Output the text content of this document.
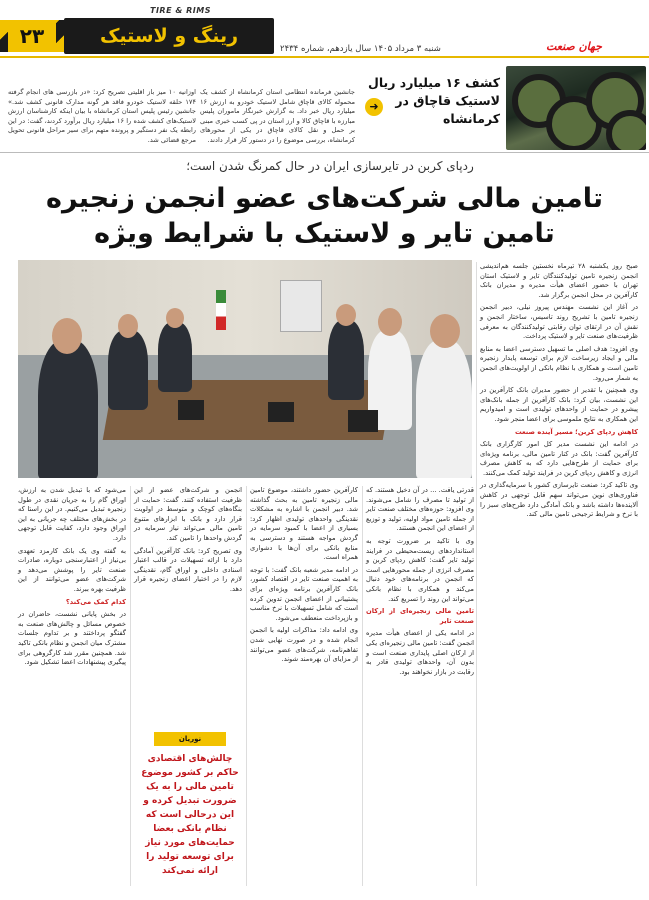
۲۳	رینگ و لاستیک
TIRE & RIMS
شنبه ۳ مرداد ۱۴۰۵ سال یازدهم، شماره ۲۴۳۴	جهان صنعت
کشف ۱۶ میلیارد ریال لاستیک قاچاق در کرمانشاه
➜
جانشین فرمانده انتظامی استان کرمانشاه از کشف یک محموله کالای قاچاق شامل لاستیک خودرو به ارزش ۱۶ میلیارد ریال خبر داد. به گزارش خبرنگار ماموران پلیس مبارزه با قاچاق کالا و ارز استان در پی کسب خبری مبنی بر حمل و نقل کالای قاچاق در یکی از محورهای کرمانشاه، بررسی موضوع را در دستور کار قرار دادند.
اوزانیه ۱۰ میز باز اقلیتی تصریح کرد: «در بازرسی های انجام گرفته ۱۷۴ حلقه لاستیک خودرو فاقد هر گونه مدارک قانونی کشف شد.» جانشین رئیس پلیس استان کرمانشاه با بیان اینکه کارشناسان ارزش لاستیک‌های کشف شده را ۱۶ میلیارد ریال برآورد کردند، گفت: در این رابطه یک نفر دستگیر و پرونده متهم برای سیر مراحل قانونی تحویل مرجع قضائی شد.
ردپای کربن در تایرسازی ایران در حال کمرنگ شدن است؛
تامین مالی شرکت‌های عضو انجمن زنجیره تامین تایر و لاستیک با شرایط ویژه

صبح روز یکشنبه ۲۸ تیرماه نخستین جلسه هم‌اندیشی انجمن زنجیره تامین تولیدکنندگان تایر و لاستیک استان تهران با حضور اعضای هیأت مدیره و مدیران بانک کارآفرین در محل انجمن برگزار شد.

در آغاز این نشست مهندس پیروز نیلی، دبیر انجمن زنجیره تامین با تشریح روند تاسیس، ساختار انجمن و نقش آن در ارتقای توان رقابتی تولیدکنندگان به معرفی ظرفیت‌های صنعت تایر و لاستیک پرداخت.

وی افزود: هدف اصلی ما تسهیل دسترسی اعضا به منابع مالی و ایجاد زیرساخت لازم برای توسعه پایدار زنجیره تامین است و همکاری با نظام بانکی از اولویت‌های انجمن به شمار می‌رود.

وی همچنین با تقدیر از حضور مدیران بانک کارآفرین در این نشست، بیان کرد: بانک کارآفرین از جمله بانک‌های پیشرو در حمایت از واحدهای تولیدی است و امیدواریم این همکاری به نتایج ملموسی برای اعضا منجر شود.

کاهش ردپای کربن؛ مسیر آینده صنعت

در ادامه این نشست مدیر کل امور کارگزاری بانک کارآفرین گفت: بانک در کنار تامین مالی، برنامه ویژه‌ای برای حمایت از طرح‌هایی دارد که به کاهش مصرف انرژی و کاهش ردپای کربن در فرایند تولید کمک می‌کنند.

وی تاکید کرد: صنعت تایرسازی کشور با سرمایه‌گذاری در فناوری‌های نوین می‌تواند سهم قابل توجهی در کاهش آلاینده‌ها داشته باشد و بانک آمادگی دارد طرح‌های سبز را با نرخ و شرایط ترجیحی تامین مالی کند.

قدرتی یافت. ... در آن دخیل هستند. که از تولید تا مصرف را شامل می‌شوند. وی افزود: حوزه‌های مختلف صنعت تایر از جمله تامین مواد اولیه، تولید و توزیع از اعضای این انجمن هستند.

وی با تاکید بر ضرورت توجه به استانداردهای زیست‌محیطی در فرایند تولید تایر گفت: کاهش ردپای کربن و مصرف انرژی از جمله محورهایی است که انجمن در برنامه‌های خود دنبال می‌کند و همکاری با نظام بانکی می‌تواند این روند را تسریع کند.

تامین مالی زنجیره‌ای از ارکان صنعت تایر

در ادامه یکی از اعضای هیأت مدیره انجمن گفت: تامین مالی زنجیره‌ای یکی از ارکان اصلی پایداری صنعت است و بدون آن، واحدهای تولیدی قادر به رقابت در بازار نخواهند بود.

کارآفرین حضور داشتند، موضوع تامین مالی زنجیره تامین به بحث گذاشته شد. دبیر انجمن با اشاره به مشکلات نقدینگی واحدهای تولیدی اظهار کرد: بسیاری از اعضا با کمبود سرمایه در گردش مواجه هستند و دسترسی به منابع بانکی برای آن‌ها با دشواری همراه است.

در ادامه مدیر شعبه بانک گفت: با توجه به اهمیت صنعت تایر در اقتصاد کشور، بانک کارآفرین برنامه ویژه‌ای برای پشتیبانی از اعضای انجمن تدوین کرده است که شامل تسهیلات با نرخ مناسب و بازپرداخت منعطف می‌شود.

وی ادامه داد: مذاکرات اولیه با انجمن انجام شده و در صورت نهایی شدن تفاهم‌نامه، شرکت‌های عضو می‌توانند از مزایای آن بهره‌مند شوند.

انجمن و شرکت‌های عضو از این ظرفیت استفاده کنند. گفت: حمایت از بنگاه‌های کوچک و متوسط در اولویت قرار دارد و بانک با ابزارهای متنوع تامین مالی می‌تواند نیاز سرمایه در گردش واحدها را تامین کند.

وی تصریح کرد: بانک کارآفرین آمادگی دارد با ارائه تسهیلات در قالب اعتبار اسنادی داخلی و اوراق گام، نقدینگی لازم را در اختیار اعضای زنجیره قرار دهد.

می‌شود که با تبدیل شدن به ارزش، اوراق گام را به جریان نقدی در طول زنجیره تبدیل می‌کنیم. در این راستا که در بخش‌های مختلف چه جریانی به این اوراق وجود دارد، کفایت قابل توجهی دارد.

به گفته وی یک بانک کارمزد تعهدی بی‌نیاز از اعتبارسنجی دوباره، صادرات صنعت تایر را پوشش می‌دهد و شرکت‌های عضو می‌توانند از این ظرفیت بهره ببرند.

کدام کمک می‌کند؟

در بخش پایانی نشست، حاضران در خصوص مسائل و چالش‌های صنعت به گفتگو پرداختند و بر تداوم جلسات مشترک میان انجمن و نظام بانکی تاکید شد. همچنین مقرر شد کارگروهی برای پیگیری پیشنهادات اعضا تشکیل شود.

نوریان
چالش‌های اقتصادی حاکم بر کشور موضوع تامین مالی را به یک ضرورت تبدیل کرده و این درحالی است که نظام بانکی بعضا حمایت‌های مورد نیاز برای توسعه تولید را ارائه نمی‌کند
